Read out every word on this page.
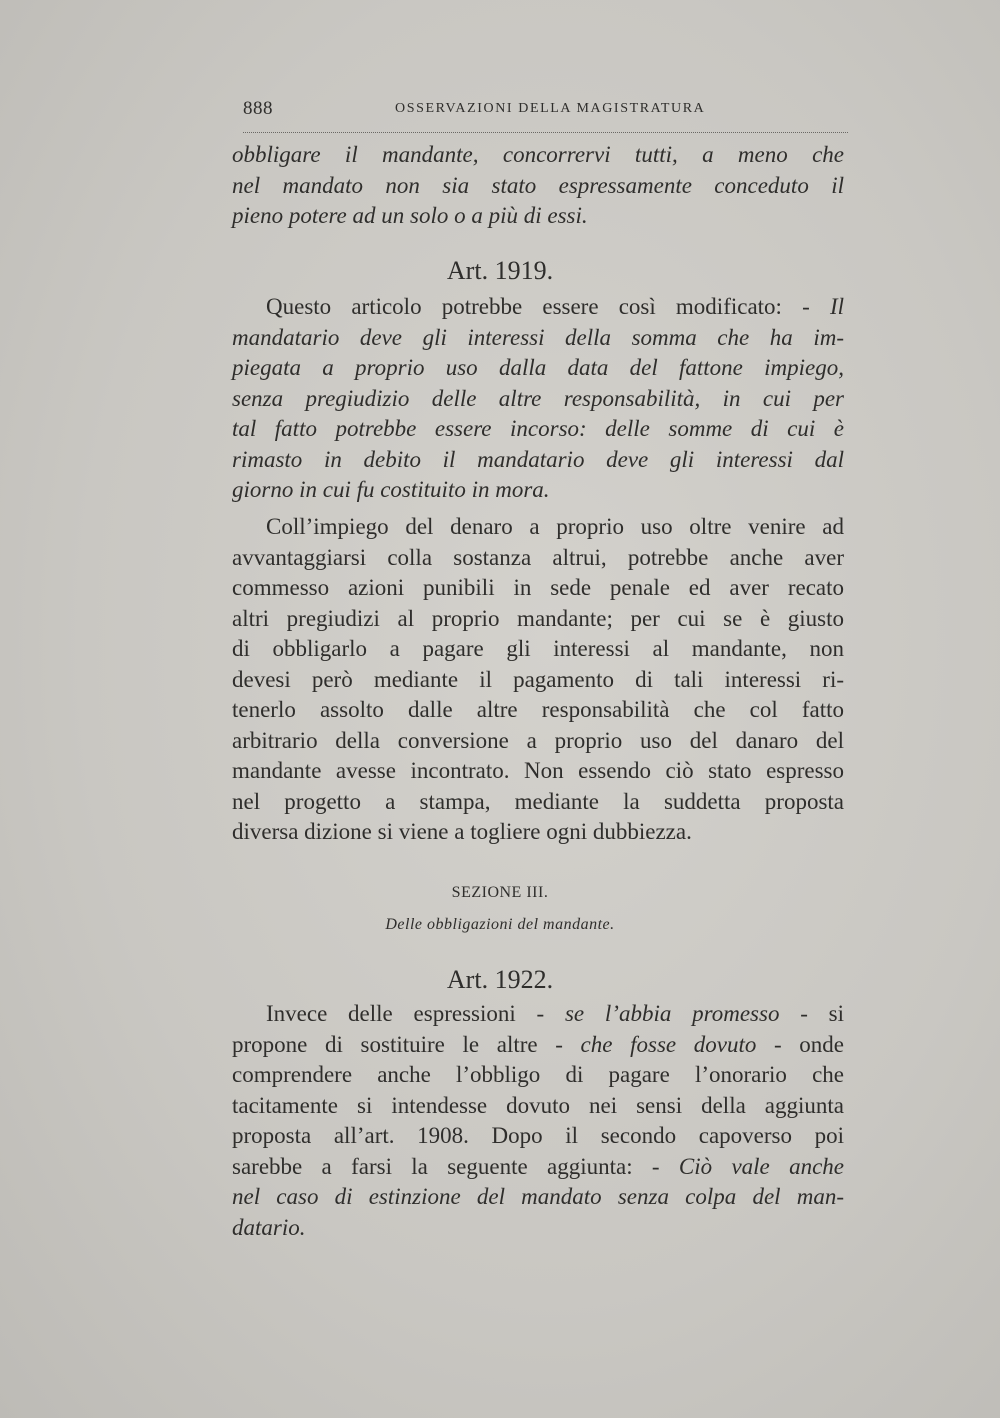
888	OSSERVAZIONI DELLA MAGISTRATURA
obbligare il mandante, concorrervi tutti, a meno che
nel mandato non sia stato espressamente conceduto il
pieno potere ad un solo o a più di essi.
Art. 1919.
Questo articolo potrebbe essere così modificato: - Il
mandatario deve gli interessi della somma che ha im-
piegata a proprio uso dalla data del fattone impiego,
senza pregiudizio delle altre responsabilità, in cui per
tal fatto potrebbe essere incorso: delle somme di cui è
rimasto in debito il mandatario deve gli interessi dal
giorno in cui fu costituito in mora.
Coll’impiego del denaro a proprio uso oltre venire ad
avvantaggiarsi colla sostanza altrui, potrebbe anche aver
commesso azioni punibili in sede penale ed aver recato
altri pregiudizi al proprio mandante; per cui se è giusto
di obbligarlo a pagare gli interessi al mandante, non
devesi però mediante il pagamento di tali interessi ri-
tenerlo assolto dalle altre responsabilità che col fatto
arbitrario della conversione a proprio uso del danaro del
mandante avesse incontrato. Non essendo ciò stato espresso
nel progetto a stampa, mediante la suddetta proposta
diversa dizione si viene a togliere ogni dubbiezza.
SEZIONE III.
Delle obbligazioni del mandante.
Art. 1922.
Invece delle espressioni - se l’abbia promesso - si
propone di sostituire le altre - che fosse dovuto - onde
comprendere anche l’obbligo di pagare l’onorario che
tacitamente si intendesse dovuto nei sensi della aggiunta
proposta all’art. 1908. Dopo il secondo capoverso poi
sarebbe a farsi la seguente aggiunta: - Ciò vale anche
nel caso di estinzione del mandato senza colpa del man-
datario.
